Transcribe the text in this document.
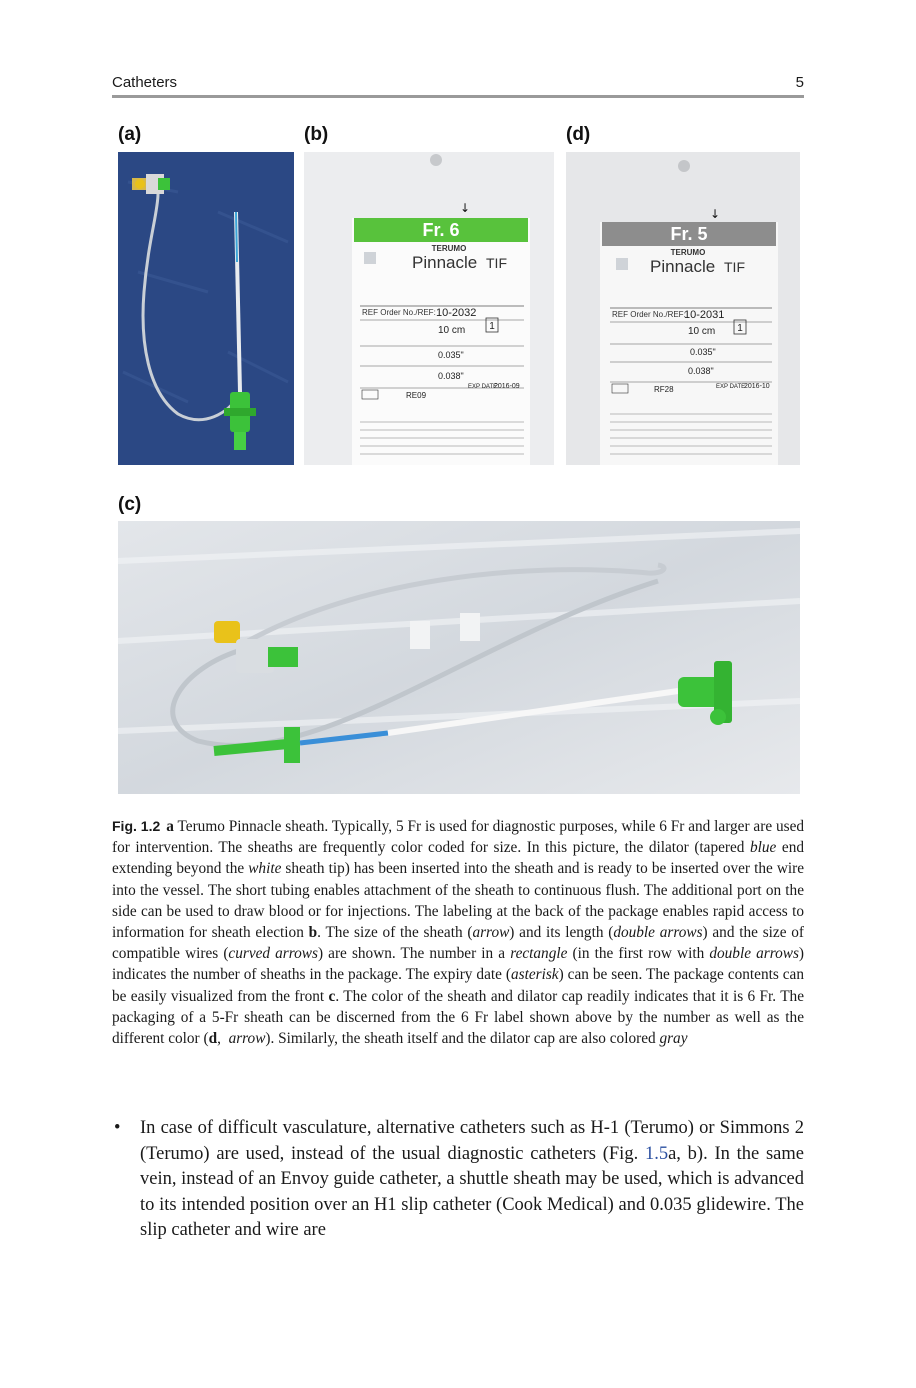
Catheters	5
(a)	(b)	(d)
(c)
Fr. 6
↓
TERUMO
Pinnacle TIF
REF Order No./REF: 10-2032
10 cm 1
0.035"
0.038"
RE09
EXP DATE:
2016-09
Fr. 5
↓
TERUMO
Pinnacle TIF
REF Order No./REF:
10-2031
10 cm 1
0.035"
0.038"
RF28	EXP DATE:
2016-10
Fig. 1.2 a Terumo Pinnacle sheath. Typically, 5 Fr is used for diagnostic purposes, while 6 Fr and larger are used for intervention. The sheaths are frequently color coded for size. In this picture, the dilator (tapered blue end extending beyond the white sheath tip) has been inserted into the sheath and is ready to be inserted over the wire into the vessel. The short tubing enables attachment of the sheath to continuous flush. The additional port on the side can be used to draw blood or for injections. The labeling at the back of the package enables rapid access to information for sheath election b. The size of the sheath (arrow) and its length (double arrows) and the size of compatible wires (curved arrows) are shown. The number in a rectangle (in the first row with double arrows) indicates the number of sheaths in the package. The expiry date (asterisk) can be seen. The package contents can be easily visualized from the front c. The color of the sheath and dilator cap readily indicates that it is 6 Fr. The packaging of a 5-Fr sheath can be discerned from the 6 Fr label shown above by the number as well as the different color (d,  arrow). Similarly, the sheath itself and the dilator cap are also colored gray
• In case of difficult vasculature, alternative catheters such as H-1 (Terumo) or Simmons 2 (Terumo) are used, instead of the usual diagnostic catheters (Fig. 1.5a, b). In the same vein, instead of an Envoy guide catheter, a shuttle sheath may be used, which is advanced to its intended position over an H1 slip catheter (Cook Medical) and 0.035 glidewire. The slip catheter and wire are
